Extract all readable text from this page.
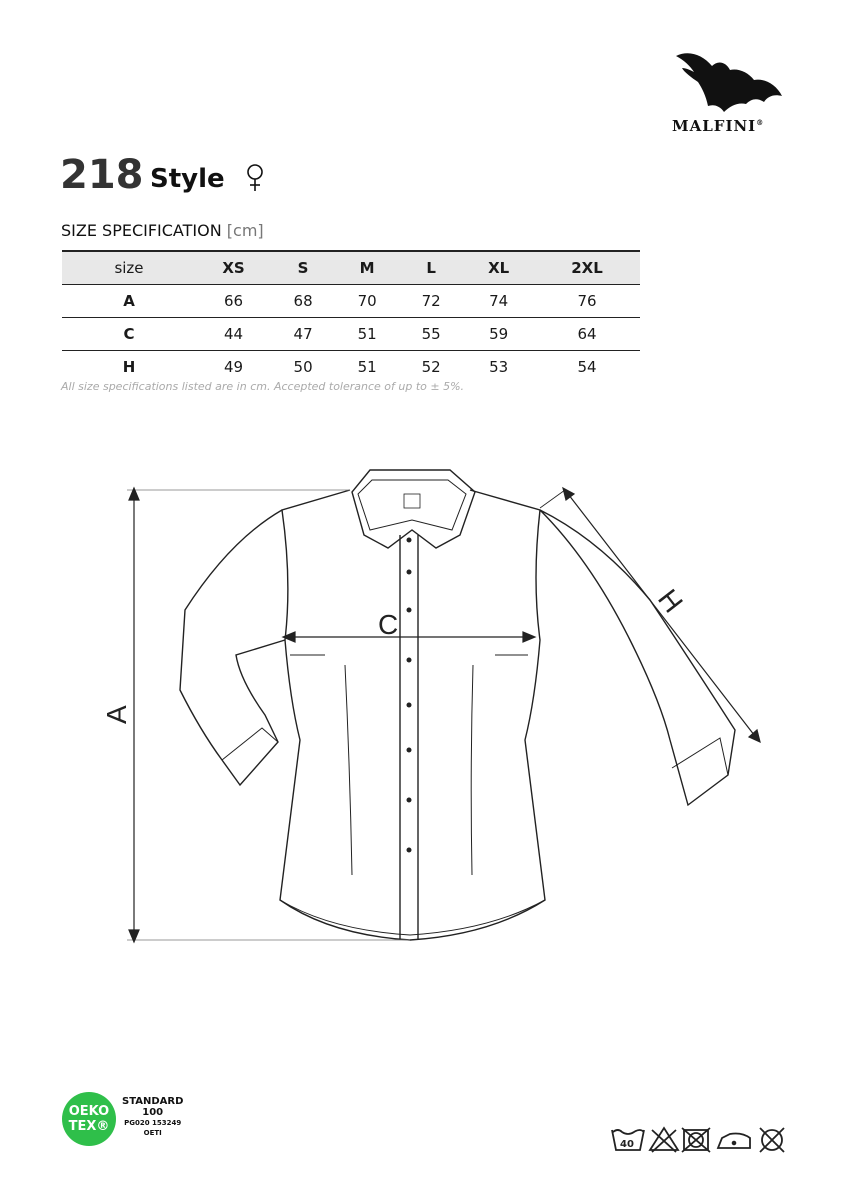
MALFINI®
218 Style
SIZE SPECIFICATION [cm]
size	XS	S	M	L	XL	2XL
A	66	68	70	72	74	76
C	44	47	51	55	59	64
H	49	50	51	52	53	54
All size specifications listed are in cm. Accepted tolerance of up to ± 5%.
A
C
H
OEKO
TEX®
STANDARD
100
PG020 153249
OETI
40
